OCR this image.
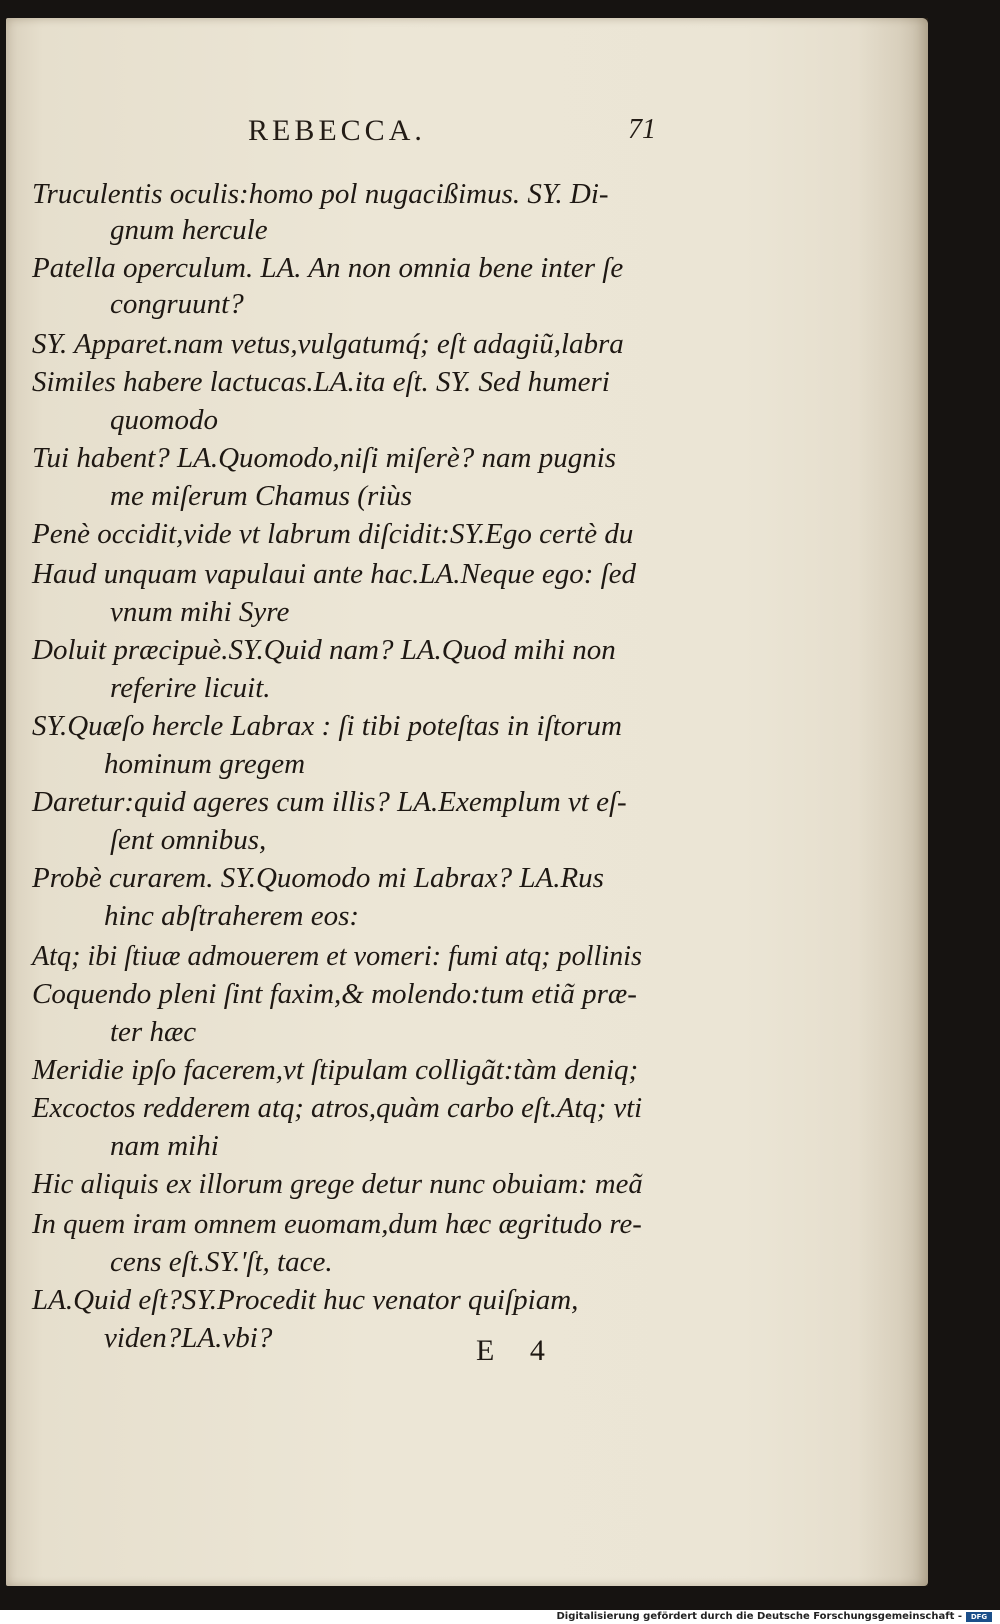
REBECCA.	71
Truculentis oculis:homo pol nugacißimus. SY. Di-
gnum hercule
Patella operculum. LA. An non omnia bene inter ſe
congruunt?
SY. Apparet.nam vetus,vulgatumq́; eſt adagiũ,labra
Similes habere lactucas.LA.ita eſt. SY. Sed humeri
quomodo
Tui habent? LA.Quomodo,niſi miſerè? nam pugnis
me miſerum Chamus (riùs
Penè occidit,vide vt labrum diſcidit:SY.Ego certè du
Haud unquam vapulaui ante hac.LA.Neque ego: ſed
vnum mihi Syre
Doluit præcipuè.SY.Quid nam? LA.Quod mihi non
referire licuit.
SY.Quæſo hercle Labrax : ſi tibi poteſtas in iſtorum
hominum gregem
Daretur:quid ageres cum illis? LA.Exemplum vt eſ-
ſent omnibus,
Probè curarem. SY.Quomodo mi Labrax? LA.Rus
hinc abſtraherem eos:
Atq; ibi ſtiuæ admouerem et vomeri: fumi atq; pollinis
Coquendo pleni ſint faxim,& molendo:tum etiã præ-
ter hæc
Meridie ipſo facerem,vt ſtipulam colligãt:tàm deniq;
Excoctos redderem atq; atros,quàm carbo eſt.Atq; vti
nam mihi
Hic aliquis ex illorum grege detur nunc obuiam: meã
In quem iram omnem euomam,dum hæc ægritudo re-
cens eſt.SY.'ſt, tace.
LA.Quid eſt?SY.Procedit huc venator quiſpiam,
viden?LA.vbi?	E 4
Digitalisierung gefördert durch die Deutsche Forschungsgemeinschaft -	DFG
